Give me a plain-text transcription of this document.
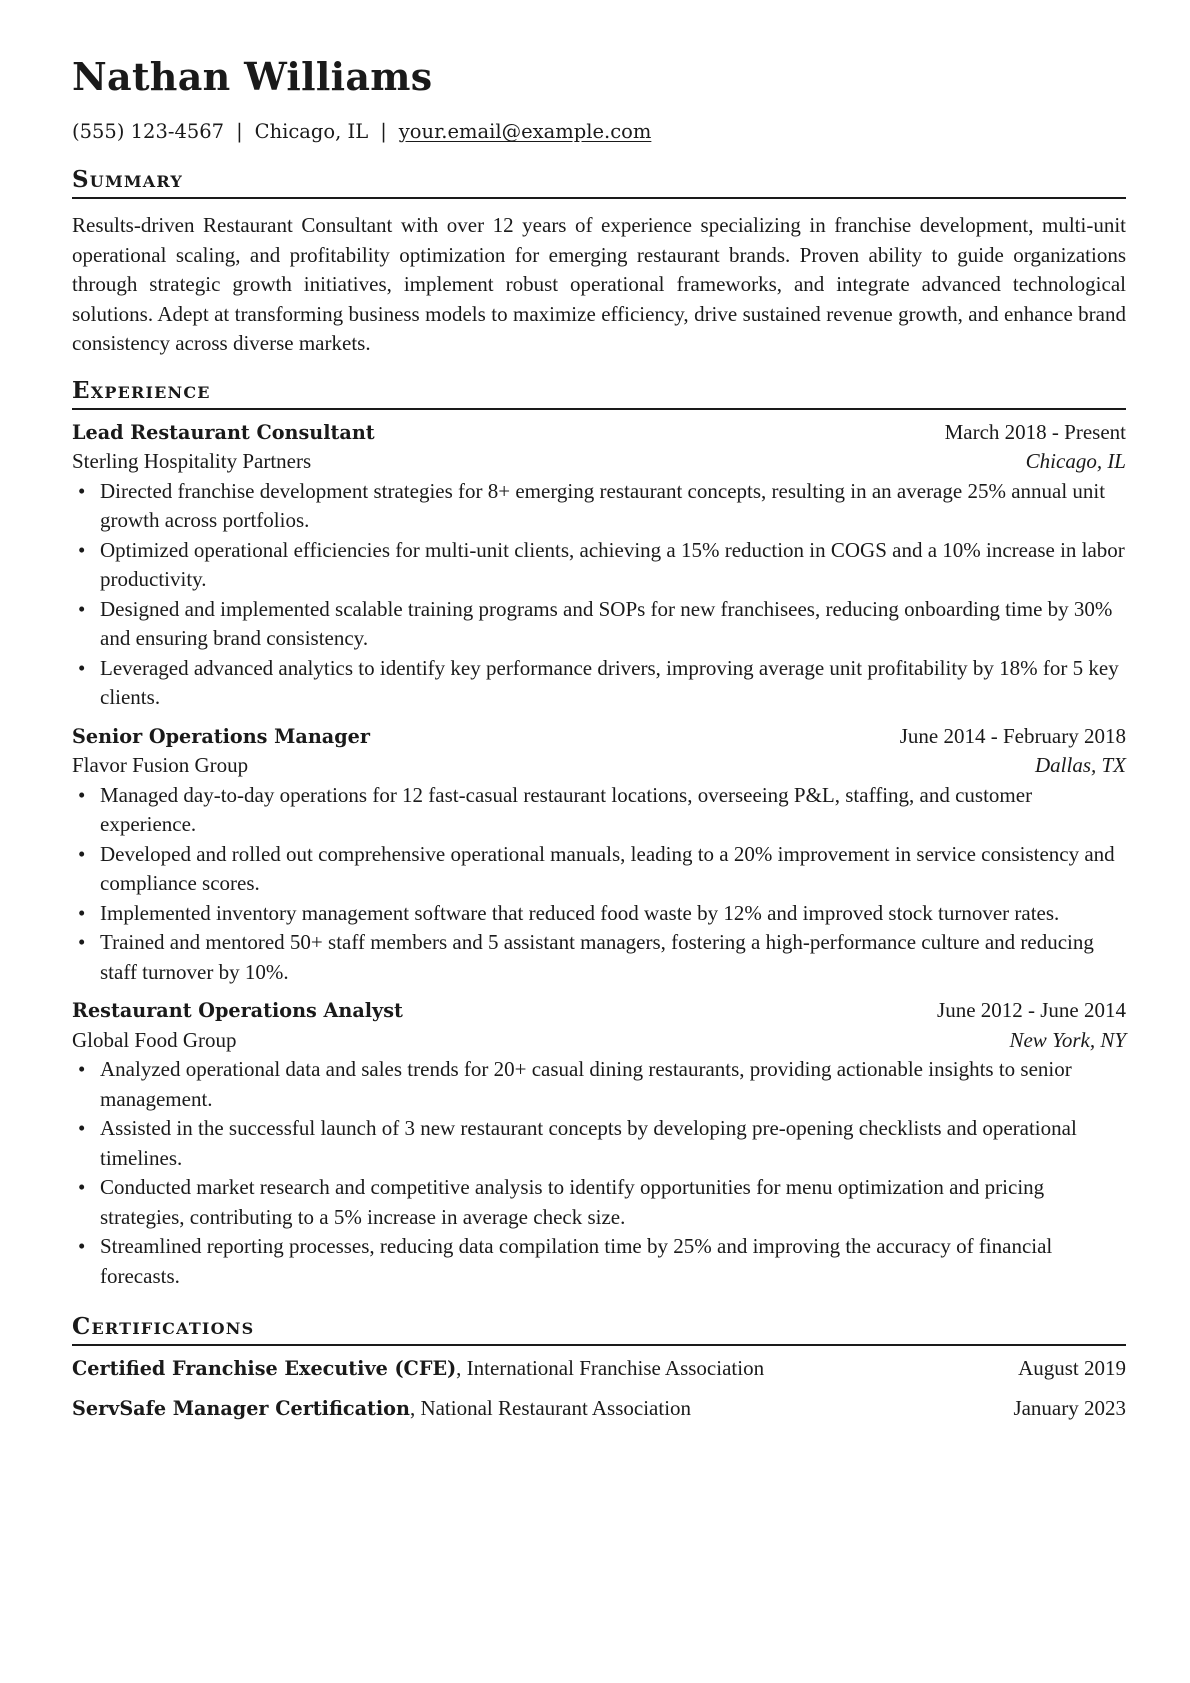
Nathan Williams
(555) 123-4567 | Chicago, IL | your.email@example.com
Summary
Results-driven Restaurant Consultant with over 12 years of experience specializing in franchise development, multi-unit operational scaling, and profitability optimization for emerging restaurant brands. Proven ability to guide organizations through strategic growth initiatives, implement robust operational frameworks, and integrate advanced technological solutions. Adept at transforming business models to maximize efficiency, drive sustained revenue growth, and enhance brand consistency across diverse markets.
Experience
Lead Restaurant Consultant	March 2018 - Present
Sterling Hospitality Partners	Chicago, IL
• Directed franchise development strategies for 8+ emerging restaurant concepts, resulting in an average 25% annual unit growth across portfolios.
• Optimized operational efficiencies for multi-unit clients, achieving a 15% reduction in COGS and a 10% increase in labor productivity.
• Designed and implemented scalable training programs and SOPs for new franchisees, reducing onboarding time by 30% and ensuring brand consistency.
• Leveraged advanced analytics to identify key performance drivers, improving average unit profitability by 18% for 5 key clients.
Senior Operations Manager	June 2014 - February 2018
Flavor Fusion Group	Dallas, TX
• Managed day-to-day operations for 12 fast-casual restaurant locations, overseeing P&L, staffing, and customer experience.
• Developed and rolled out comprehensive operational manuals, leading to a 20% improvement in service consistency and compliance scores.
• Implemented inventory management software that reduced food waste by 12% and improved stock turnover rates.
• Trained and mentored 50+ staff members and 5 assistant managers, fostering a high-performance culture and reducing staff turnover by 10%.
Restaurant Operations Analyst	June 2012 - June 2014
Global Food Group	New York, NY
• Analyzed operational data and sales trends for 20+ casual dining restaurants, providing actionable insights to senior management.
• Assisted in the successful launch of 3 new restaurant concepts by developing pre-opening checklists and operational timelines.
• Conducted market research and competitive analysis to identify opportunities for menu optimization and pricing strategies, contributing to a 5% increase in average check size.
• Streamlined reporting processes, reducing data compilation time by 25% and improving the accuracy of financial forecasts.
Certifications
Certified Franchise Executive (CFE), International Franchise Association	August 2019
ServSafe Manager Certification, National Restaurant Association	January 2023
